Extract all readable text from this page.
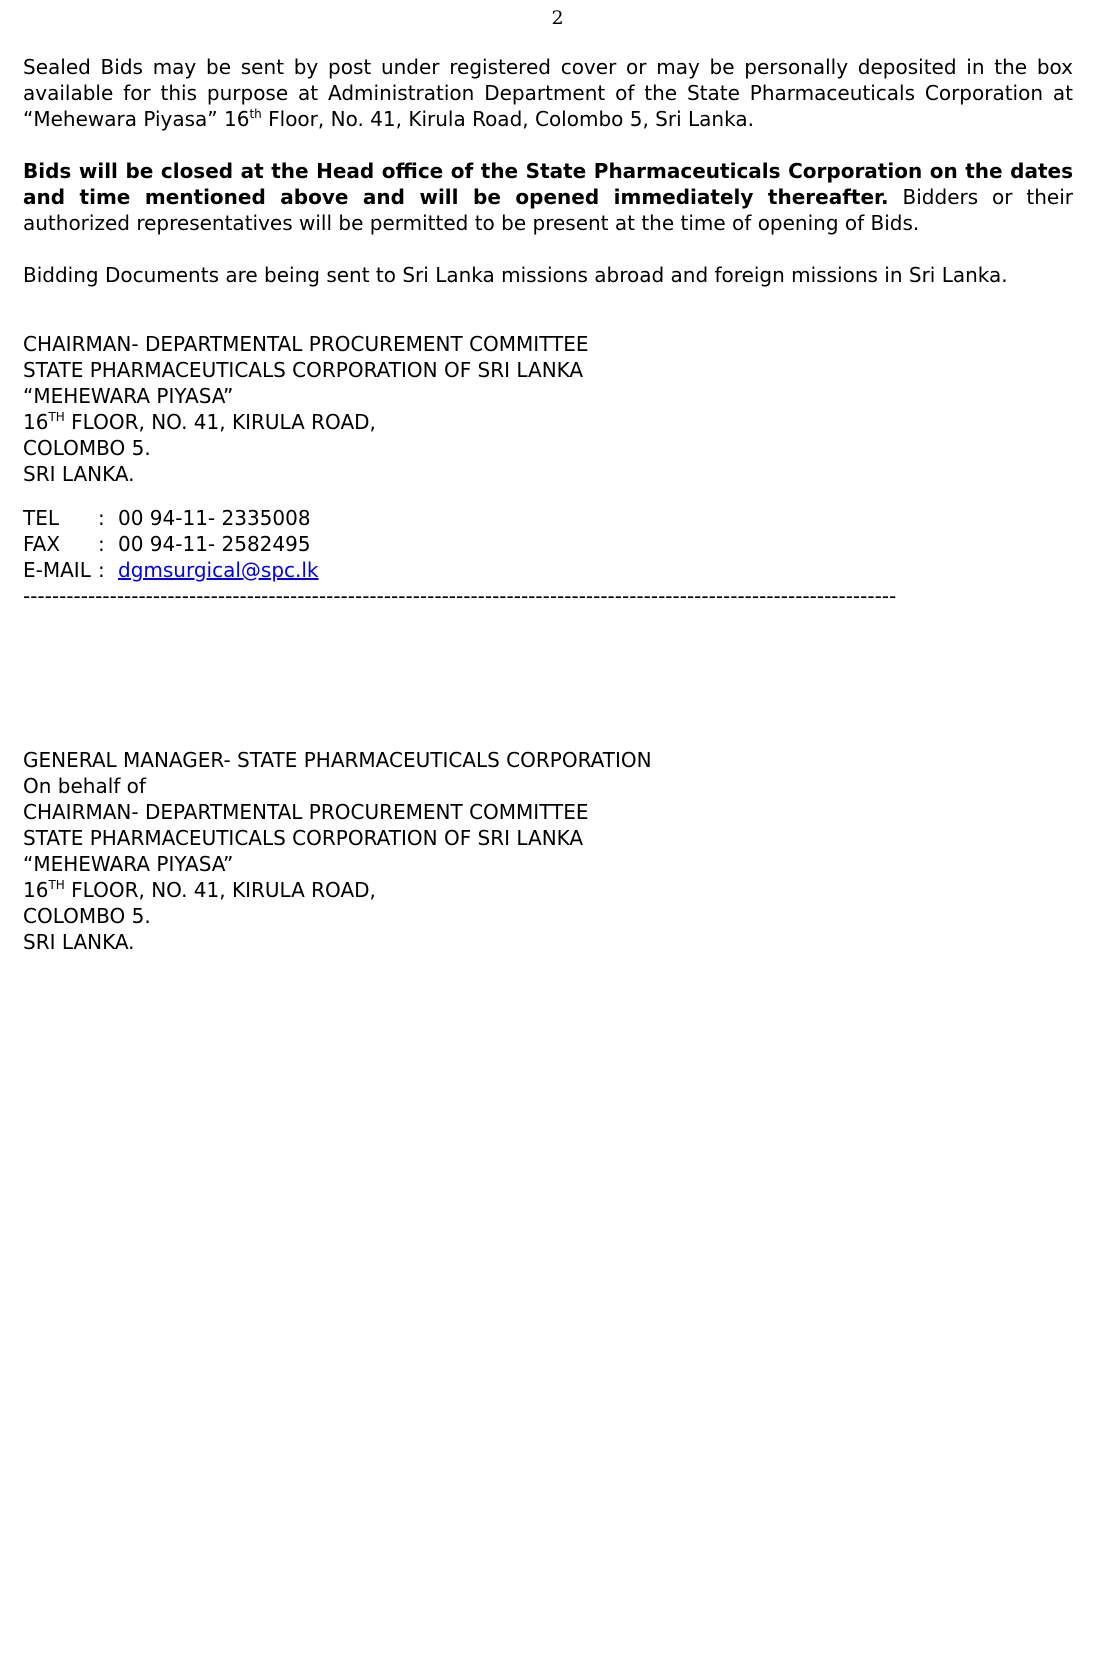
2

Sealed Bids may be sent by post under registered cover or may be personally deposited in the box available for this purpose at Administration Department of the State Pharmaceuticals Corporation at “Mehewara Piyasa” 16th Floor, No. 41, Kirula Road, Colombo 5, Sri Lanka.

Bids will be closed at the Head office of the State Pharmaceuticals Corporation on the dates and time mentioned above and will be opened immediately thereafter. Bidders or their authorized representatives will be permitted to be present at the time of opening of Bids.

Bidding Documents are being sent to Sri Lanka missions abroad and foreign missions in Sri Lanka.

CHAIRMAN- DEPARTMENTAL PROCUREMENT COMMITTEE
STATE PHARMACEUTICALS CORPORATION OF SRI LANKA
“MEHEWARA PIYASA”
16TH FLOOR, NO. 41, KIRULA ROAD,
COLOMBO 5.
SRI LANKA.
TEL : 00 94-11- 2335008
FAX : 00 94-11- 2582495
E-MAIL : dgmsurgical@spc.lk
-------------------------------------------------------------------------------------------------------------------------
GENERAL MANAGER- STATE PHARMACEUTICALS CORPORATION
On behalf of
CHAIRMAN- DEPARTMENTAL PROCUREMENT COMMITTEE
STATE PHARMACEUTICALS CORPORATION OF SRI LANKA
“MEHEWARA PIYASA”
16TH FLOOR, NO. 41, KIRULA ROAD,
COLOMBO 5.
SRI LANKA.
